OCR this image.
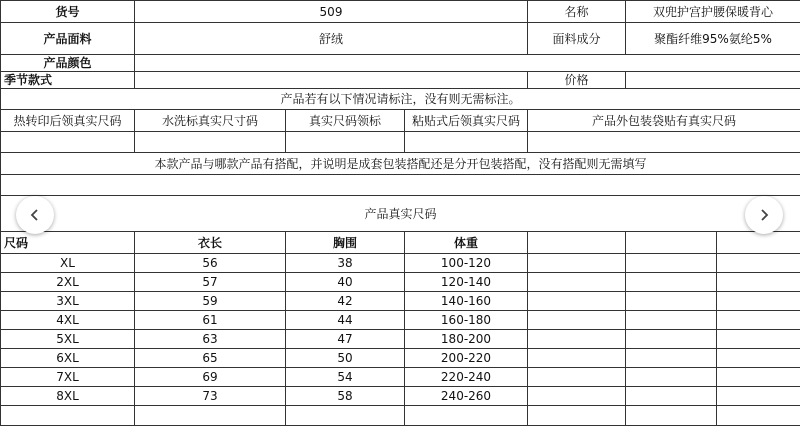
货号	509			名称	双兜护宫护腰保暖背心	
产品面料	舒绒			面料成分	聚酯纤维95%氨纶5%	
产品颜色						
季节款式				价格		
产品若有以下情况请标注，没有则无需标注。						
热转印后领真实尺码	水洗标真实尺寸码	真实尺码领标	粘贴式后领真实尺码	产品外包装袋贴有真实尺码		

本款产品与哪款产品有搭配，并说明是成套包装搭配还是分开包装搭配，没有搭配则无需填写						

产品真实尺码						
尺码	衣长	胸围	体重			
XL	56	38	100-120			
2XL	57	40	120-140			
3XL	59	42	140-160			
4XL	61	44	160-180			
5XL	63	47	180-200			
6XL	65	50	200-220			
7XL	69	54	220-240			
8XL	73	58	240-260			
